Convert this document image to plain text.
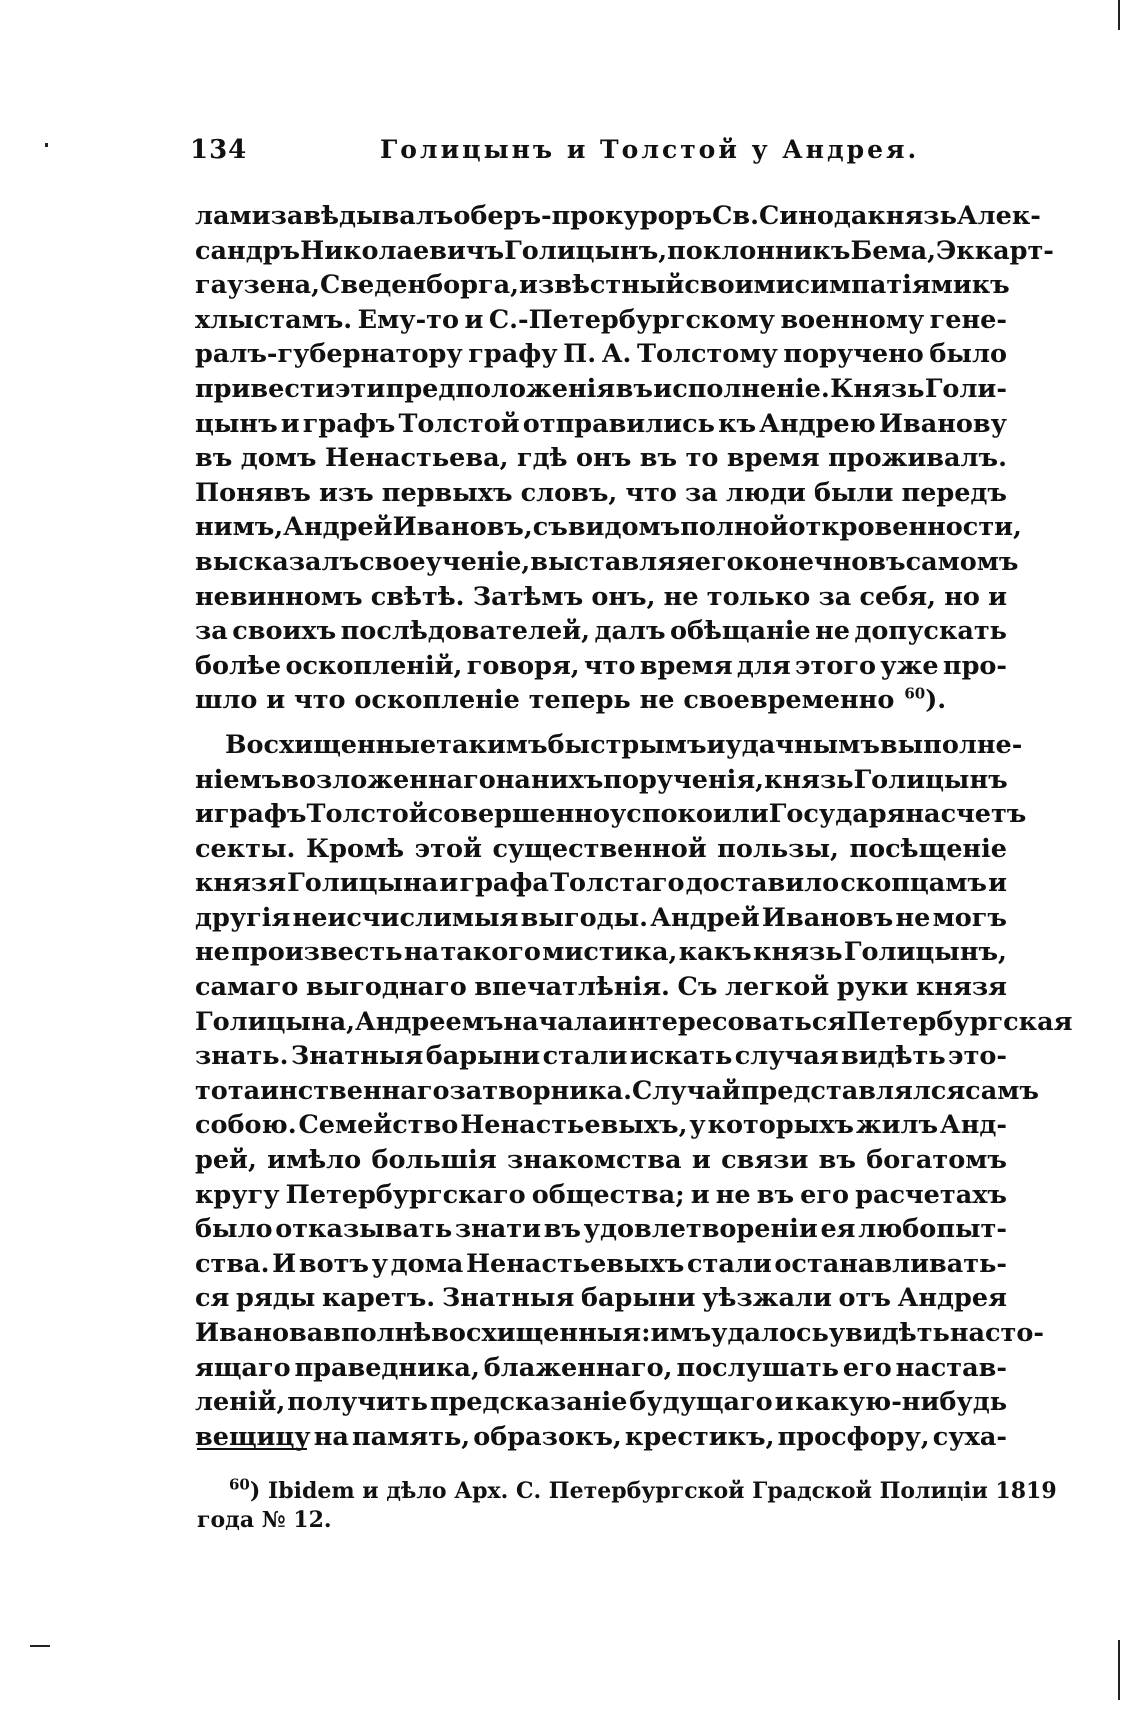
134	Голицынъ и Толстой у Андрея.
лами завѣдывалъ оберъ-прокуроръ Св. Синода князь Алек-
сандръ Николаевичъ Голицынъ, поклонникъ Бема, Эккарт-
гаузена, Сведенборга, извѣстный своими симпатіями къ
хлыстамъ. Ему-то и С.-Петербургскому военному гене-
ралъ-губернатору графу П. А. Толстому поручено было
привести эти предположенія въ исполненіе. Князь Голи-
цынъ и графъ Толстой отправились къ Андрею Иванову
въ домъ Ненастьева, гдѣ онъ въ то время проживалъ.
Понявъ изъ первыхъ словъ, что за люди были передъ
нимъ, Андрей Ивановъ, съ видомъ полной откровенности,
высказалъ свое ученіе, выставляя его конечно въ самомъ
невинномъ свѣтѣ. Затѣмъ онъ, не только за себя, но и
за своихъ послѣдователей, далъ обѣщаніе не допускать
болѣе оскопленій, говоря, что время для этого уже про-
шло и что оскопленіе теперь не своевременно $^{60}$).
Восхищенные такимъ быстрымъ и удачнымъ выполне-
ніемъ возложеннаго на нихъ порученія, князь Голицынъ
и графъ Толстой совершенно успокоили Государя на счетъ
секты. Кромѣ этой существенной пользы, посѣщеніе
князя Голицына и графа Толстаго доставило скопцамъ и
другія неисчислимыя выгоды. Андрей Ивановъ не могъ
не произвесть на такого мистика, какъ князь Голицынъ,
самаго выгоднаго впечатлѣнія. Съ легкой руки князя
Голицына, Андреемъ начала интересоваться Петербургская
знать. Знатныя барыни стали искать случая видѣть это-
то таинственнаго затворника. Случай представлялся самъ
собою. Семейство Ненастьевыхъ, у которыхъ жилъ Анд-
рей, имѣло большія знакомства и связи въ богатомъ
кругу Петербургскаго общества; и не въ его расчетахъ
было отказывать знати въ удовлетвореніи ея любопыт-
ства. И вотъ у дома Ненастьевыхъ стали останавливать-
ся ряды каретъ. Знатныя барыни уѣзжали отъ Андрея
Иванова вполнѣ восхищенныя: имъ удалось увидѣть насто-
ящаго праведника, блаженнаго, послушать его настав-
леній, получить предсказаніе будущаго и какую-нибудь
вещицу на память, образокъ, крестикъ, просфору, суха-
$^{60}$) Ibidem и дѣло Арх. С. Петербургской Градской Полиціи 1819
года № 12.
